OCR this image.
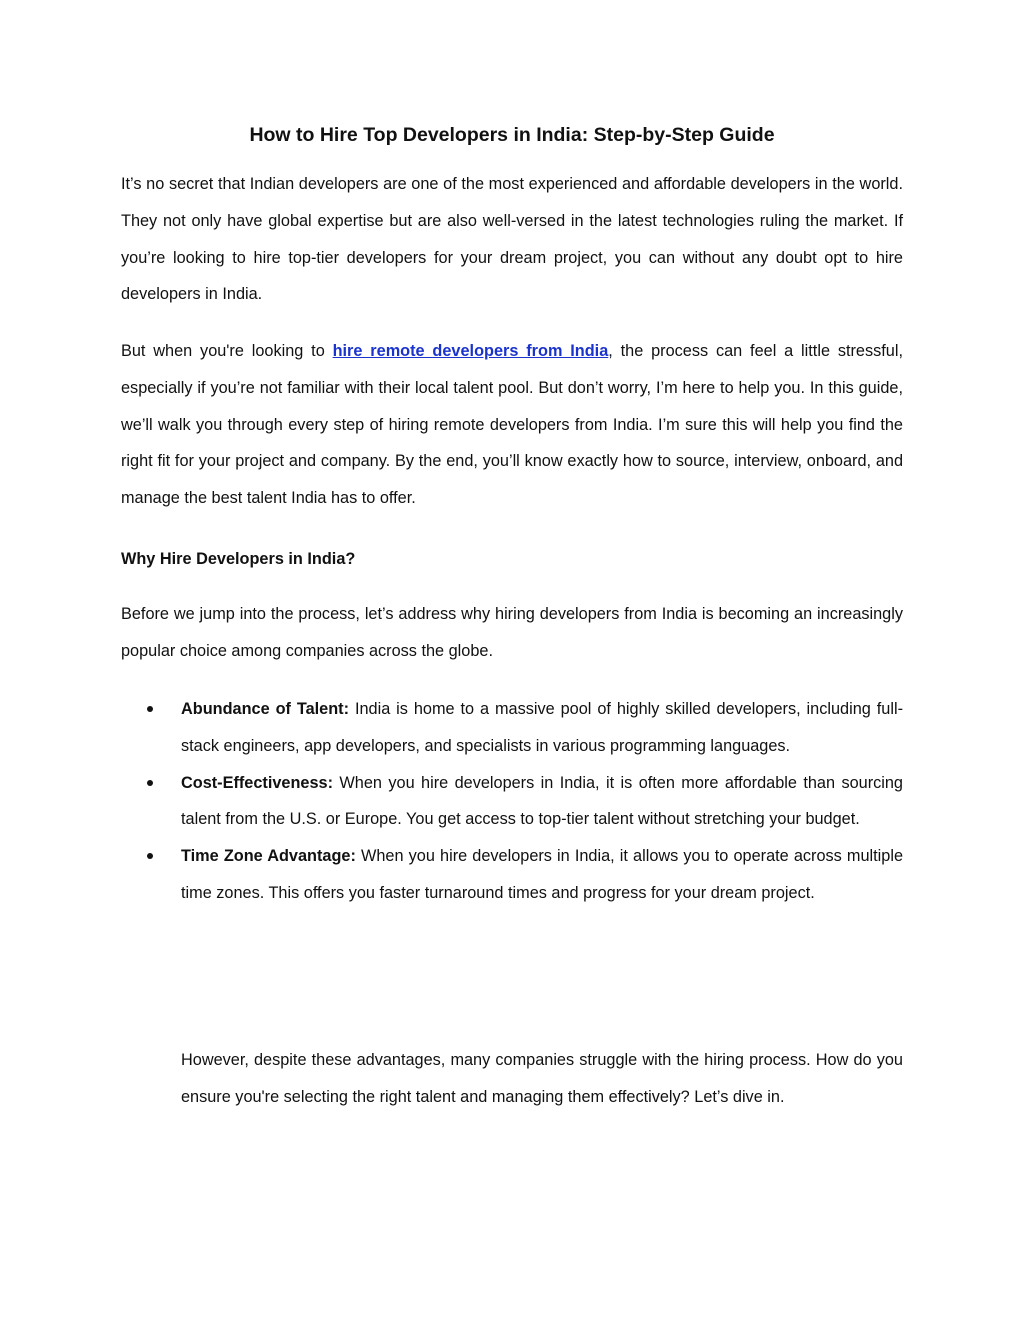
How to Hire Top Developers in India: Step-by-Step Guide

It’s no secret that Indian developers are one of the most experienced and affordable developers in the world. They not only have global expertise but are also well-versed in the latest technologies ruling the market. If you’re looking to hire top-tier developers for your dream project, you can without any doubt opt to hire developers in India.

But when you're looking to hire remote developers from India, the process can feel a little stressful, especially if you’re not familiar with their local talent pool. But don’t worry, I’m here to help you. In this guide, we’ll walk you through every step of hiring remote developers from India. I’m sure this will help you find the right fit for your project and company. By the end, you’ll know exactly how to source, interview, onboard, and manage the best talent India has to offer.

Why Hire Developers in India?

Before we jump into the process, let’s address why hiring developers from India is becoming an increasingly popular choice among companies across the globe.

Abundance of Talent: India is home to a massive pool of highly skilled developers, including full-stack engineers, app developers, and specialists in various programming languages.
Cost-Effectiveness: When you hire developers in India, it is often more affordable than sourcing talent from the U.S. or Europe. You get access to top-tier talent without stretching your budget.
Time Zone Advantage: When you hire developers in India, it allows you to operate across multiple time zones. This offers you faster turnaround times and progress for your dream project.

However, despite these advantages, many companies struggle with the hiring process. How do you ensure you're selecting the right talent and managing them effectively? Let’s dive in.
